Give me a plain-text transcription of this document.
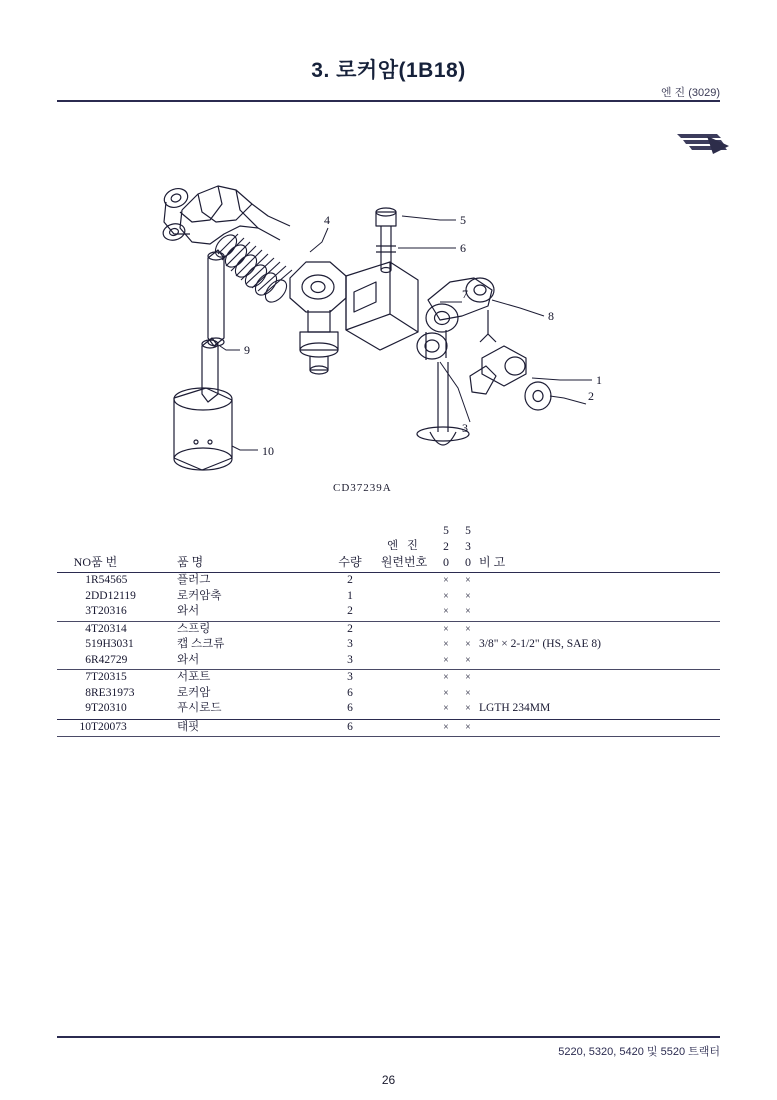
3. 로커암(1B18)
엔 진 (3029)
4	5
6
7
8
9
10
3
2
1
CD37239A
					5	5	
				엔 진	2	3	
NO	품 번	품 명	수량	원련번호	0	0	비 고

1	R54565	플러그	2		×	×	
2	DD12119	로커암축	1		×	×	
3	T20316	와서	2		×	×	

4	T20314	스프링	2		×	×	
5	19H3031	캡 스크류	3		×	×	3/8" × 2-1/2" (HS, SAE 8)
6	R42729	와서	3		×	×	

7	T20315	서포트	3		×	×	
8	RE31973	로커암	6		×	×	
9	T20310	푸시로드	6		×	×	LGTH 234MM

10	T20073	태핏	6		×	×	

5220, 5320, 5420 및 5520 트랙터
26
